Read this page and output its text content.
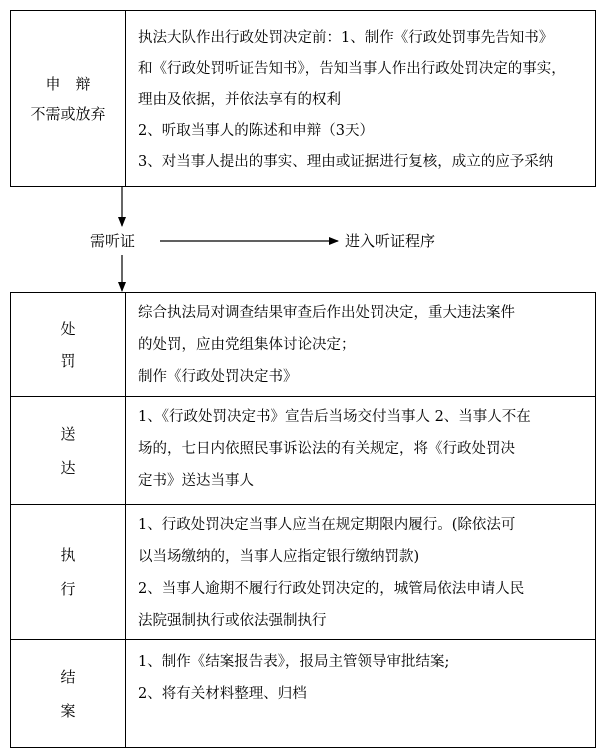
申　辩
不需或放弃

执法大队作出行政处罚决定前：1、制作《行政处罚事先告知书》

和《行政处罚听证告知书》，告知当事人作出行政处罚决定的事实，

理由及依据，并依法享有的权利

2、听取当事人的陈述和申辩（3天）

3、对当事人提出的事实、理由或证据进行复核，成立的应予采纳

需听证	进入听证程序
处
罚

综合执法局对调查结果审查后作出处罚决定，重大违法案件

的处罚，应由党组集体讨论决定；

制作《行政处罚决定书》

送
达

1、《行政处罚决定书》宣告后当场交付当事人 2、当事人不在

场的，七日内依照民事诉讼法的有关规定，将《行政处罚决

定书》送达当事人

执
行

1、行政处罚决定当事人应当在规定期限内履行。(除依法可

以当场缴纳的，当事人应指定银行缴纳罚款)

2、当事人逾期不履行行政处罚决定的，城管局依法申请人民

法院强制执行或依法强制执行

结
案

1、制作《结案报告表》，报局主管领导审批结案;

2、将有关材料整理、归档
